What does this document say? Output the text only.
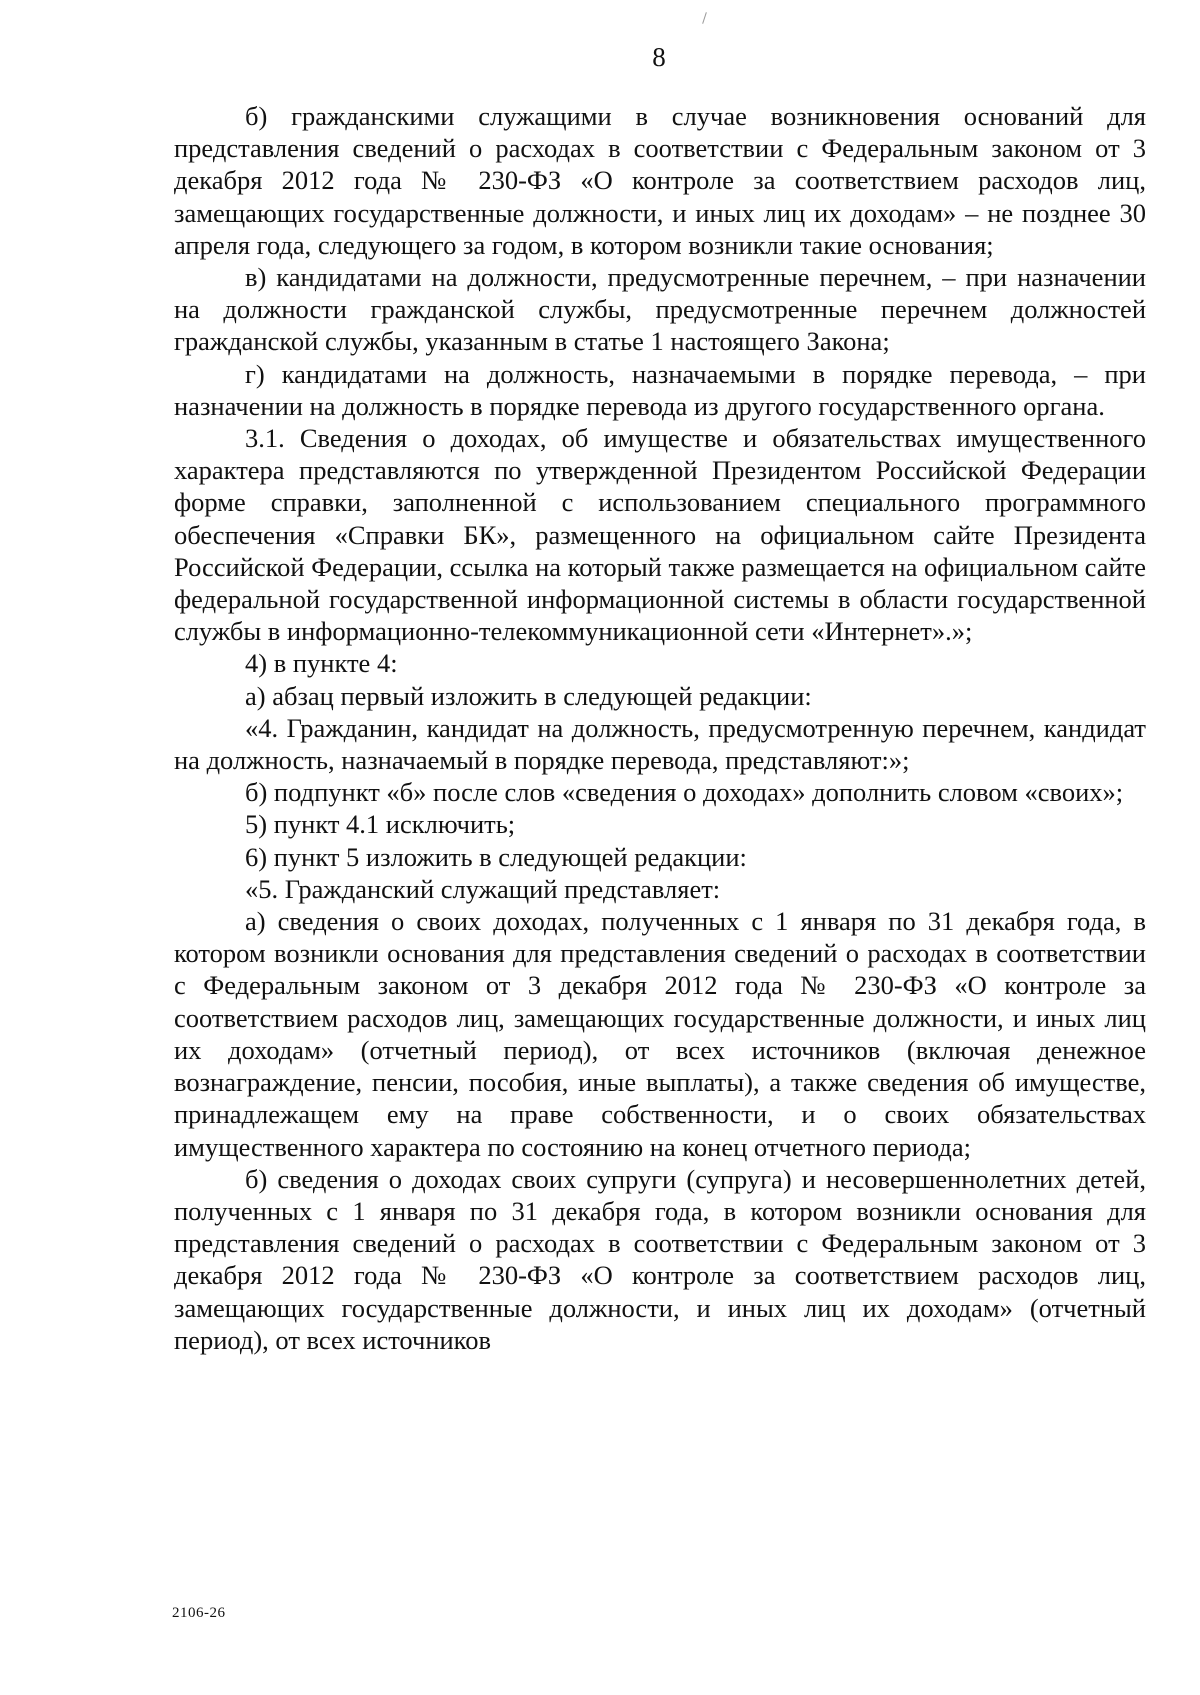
8

б) гражданскими служащими в случае возникновения оснований для представления сведений о расходах в соответствии с Федеральным законом от 3 декабря 2012 года № 230-ФЗ «О контроле за соответствием расходов лиц, замещающих государственные должности, и иных лиц их доходам» – не позднее 30 апреля года, следующего за годом, в котором возникли такие основания;

в) кандидатами на должности, предусмотренные перечнем, – при назначении на должности гражданской службы, предусмотренные перечнем должностей гражданской службы, указанным в статье 1 настоящего Закона;

г) кандидатами на должность, назначаемыми в порядке перевода, – при назначении на должность в порядке перевода из другого государственного органа.

3.1. Сведения о доходах, об имуществе и обязательствах имущественного характера представляются по утвержденной Президентом Российской Федерации форме справки, заполненной с использованием специального программного обеспечения «Справки БК», размещенного на официальном сайте Президента Российской Федерации, ссылка на который также размещается на официальном сайте федеральной государственной информационной системы в области государственной службы в информационно-телекоммуникационной сети «Интернет».»;

4) в пункте 4:

а) абзац первый изложить в следующей редакции:

«4. Гражданин, кандидат на должность, предусмотренную перечнем, кандидат на должность, назначаемый в порядке перевода, представляют:»;

б) подпункт «б» после слов «сведения о доходах» дополнить словом «своих»;

5) пункт 4.1 исключить;

6) пункт 5 изложить в следующей редакции:

«5. Гражданский служащий представляет:

а) сведения о своих доходах, полученных с 1 января по 31 декабря года, в котором возникли основания для представления сведений о расходах в соответствии с Федеральным законом от 3 декабря 2012 года № 230-ФЗ «О контроле за соответствием расходов лиц, замещающих государственные должности, и иных лиц их доходам» (отчетный период), от всех источников (включая денежное вознаграждение, пенсии, пособия, иные выплаты), а также сведения об имуществе, принадлежащем ему на праве собственности, и о своих обязательствах имущественного характера по состоянию на конец отчетного периода;

б) сведения о доходах своих супруги (супруга) и несовершеннолетних детей, полученных с 1 января по 31 декабря года, в котором возникли основания для представления сведений о расходах в соответствии с Федеральным законом от 3 декабря 2012 года № 230-ФЗ «О контроле за соответствием расходов лиц, замещающих государственные должности, и иных лиц их доходам» (отчетный период), от всех источников

2106-26
